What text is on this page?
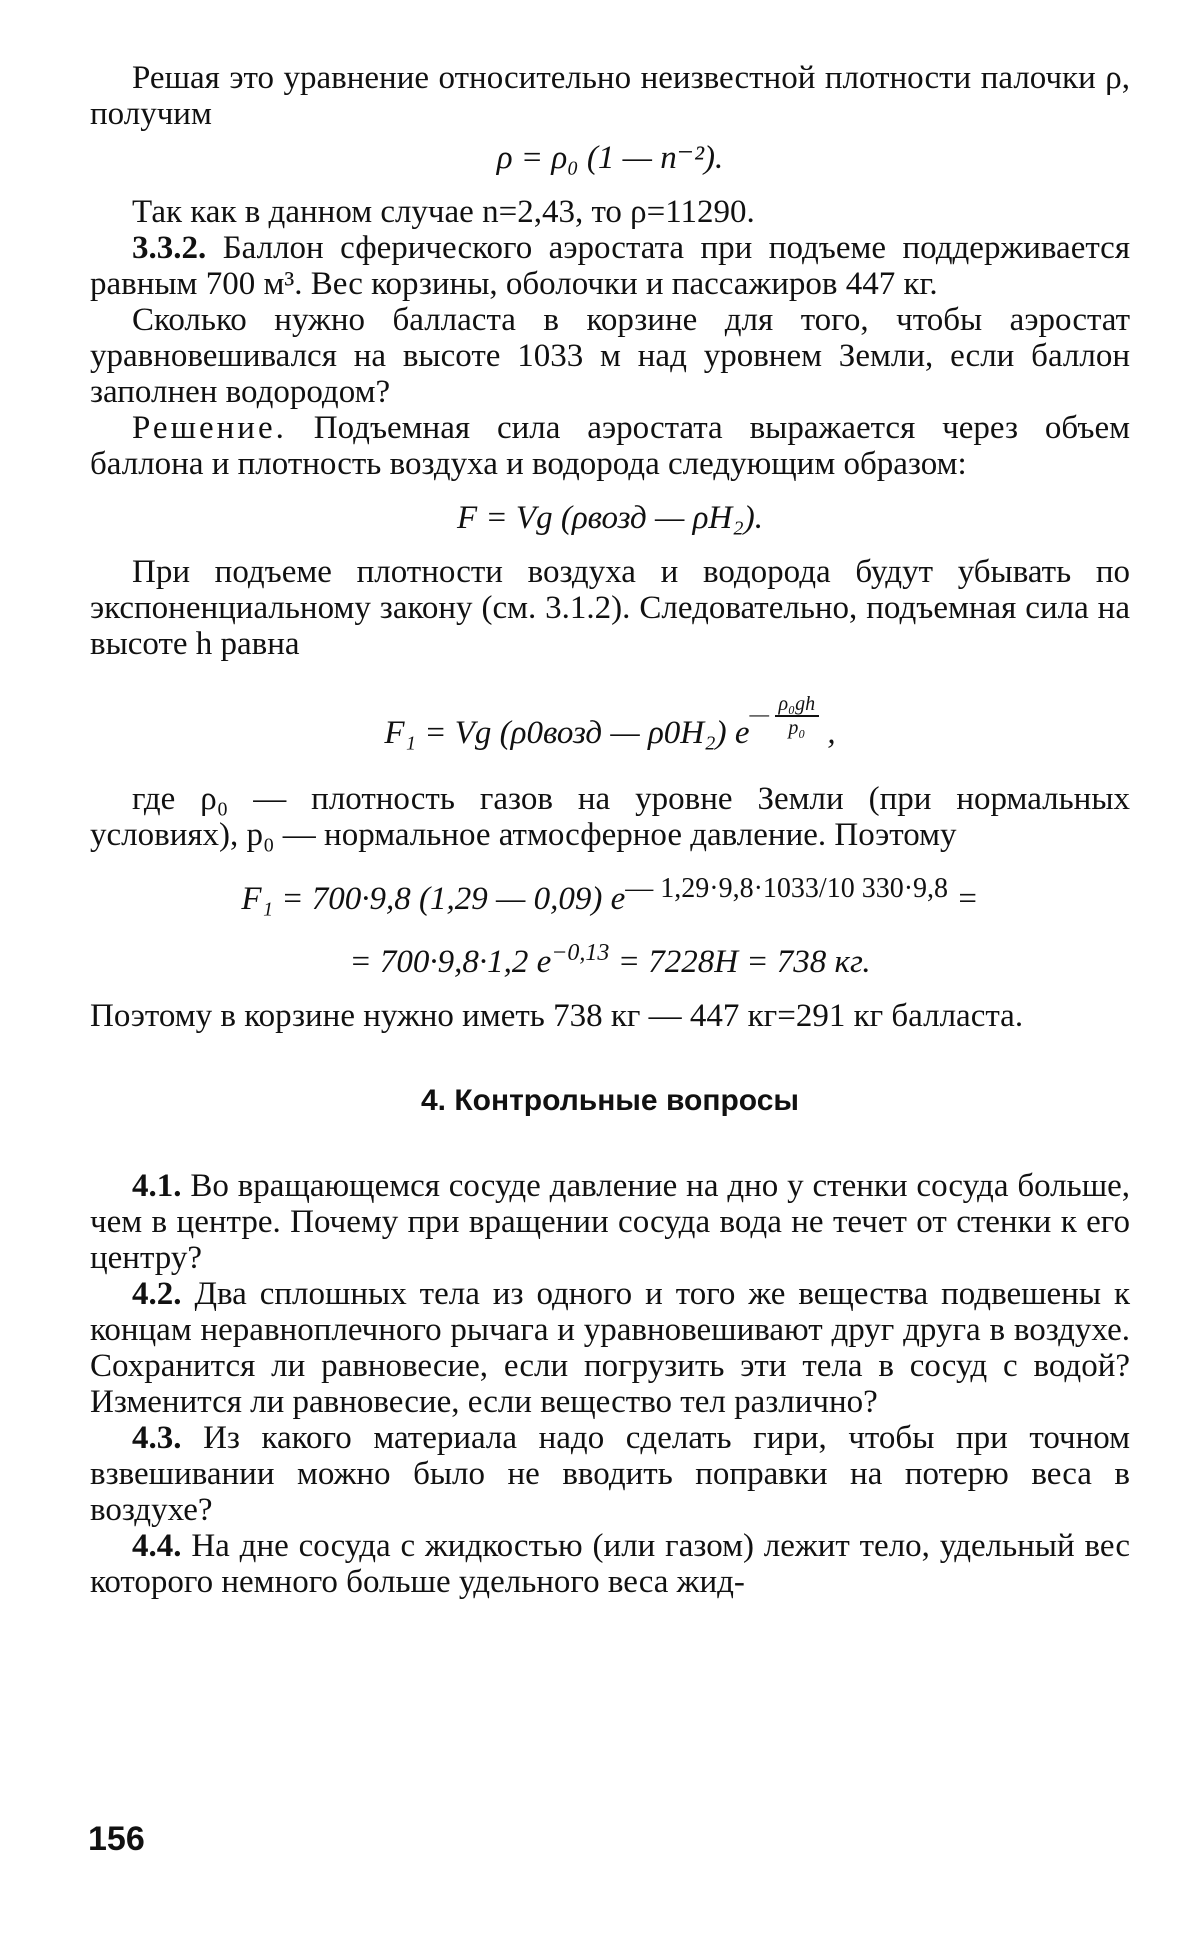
Решая это уравнение относительно неизвестной плотности палочки ρ, получим

ρ = ρ₀ (1 — n⁻²).

Так как в данном случае n=2,43, то ρ=11290.

3.3.2. Баллон сферического аэростата при подъеме поддерживается равным 700 м³. Вес корзины, оболочки и пассажиров 447 кг.

Сколько нужно балласта в корзине для того, чтобы аэростат уравновешивался на высоте 1033 м над уровнем Земли, если баллон заполнен водородом?

Решение. Подъемная сила аэростата выражается через объем баллона и плотность воздуха и водорода следующим образом:

F = Vg (ρвозд — ρH₂).

При подъеме плотности воздуха и водорода будут убывать по экспоненциальному закону (см. 3.1.2). Следовательно, подъемная сила на высоте h равна

F₁ = Vg (ρ0возд — ρ0H₂) e— $\frac{\text{ρ₀gh}}{\text{p₀}}$ ,

где ρ₀ — плотность газов на уровне Земли (при нормальных условиях), p₀ — нормальное атмосферное давление. Поэтому

F₁ = 700·9,8 (1,29 — 0,09) $e^{— 1,29\cdot 9,8\cdot 1033/10 330\cdot 9,8}$ =

= 700·9,8·1,2 $e^{-0,13} = 7228Н = 738$ кг.

Поэтому в корзине нужно иметь 738 кг — 447 кг=291 кг балласта.

4. Контрольные вопросы

4.1. Во вращающемся сосуде давление на дно у стенки сосуда больше, чем в центре. Почему при вращении сосуда вода не течет от стенки к его центру?

4.2. Два сплошных тела из одного и того же вещества подвешены к концам неравноплечного рычага и уравновешивают друг друга в воздухе. Сохранится ли равновесие, если погрузить эти тела в сосуд с водой? Изменится ли равновесие, если вещество тел различно?

4.3. Из какого материала надо сделать гири, чтобы при точном взвешивании можно было не вводить поправки на потерю веса в воздухе?

4.4. На дне сосуда с жидкостью (или газом) лежит тело, удельный вес которого немного больше удельного веса жид-

156
